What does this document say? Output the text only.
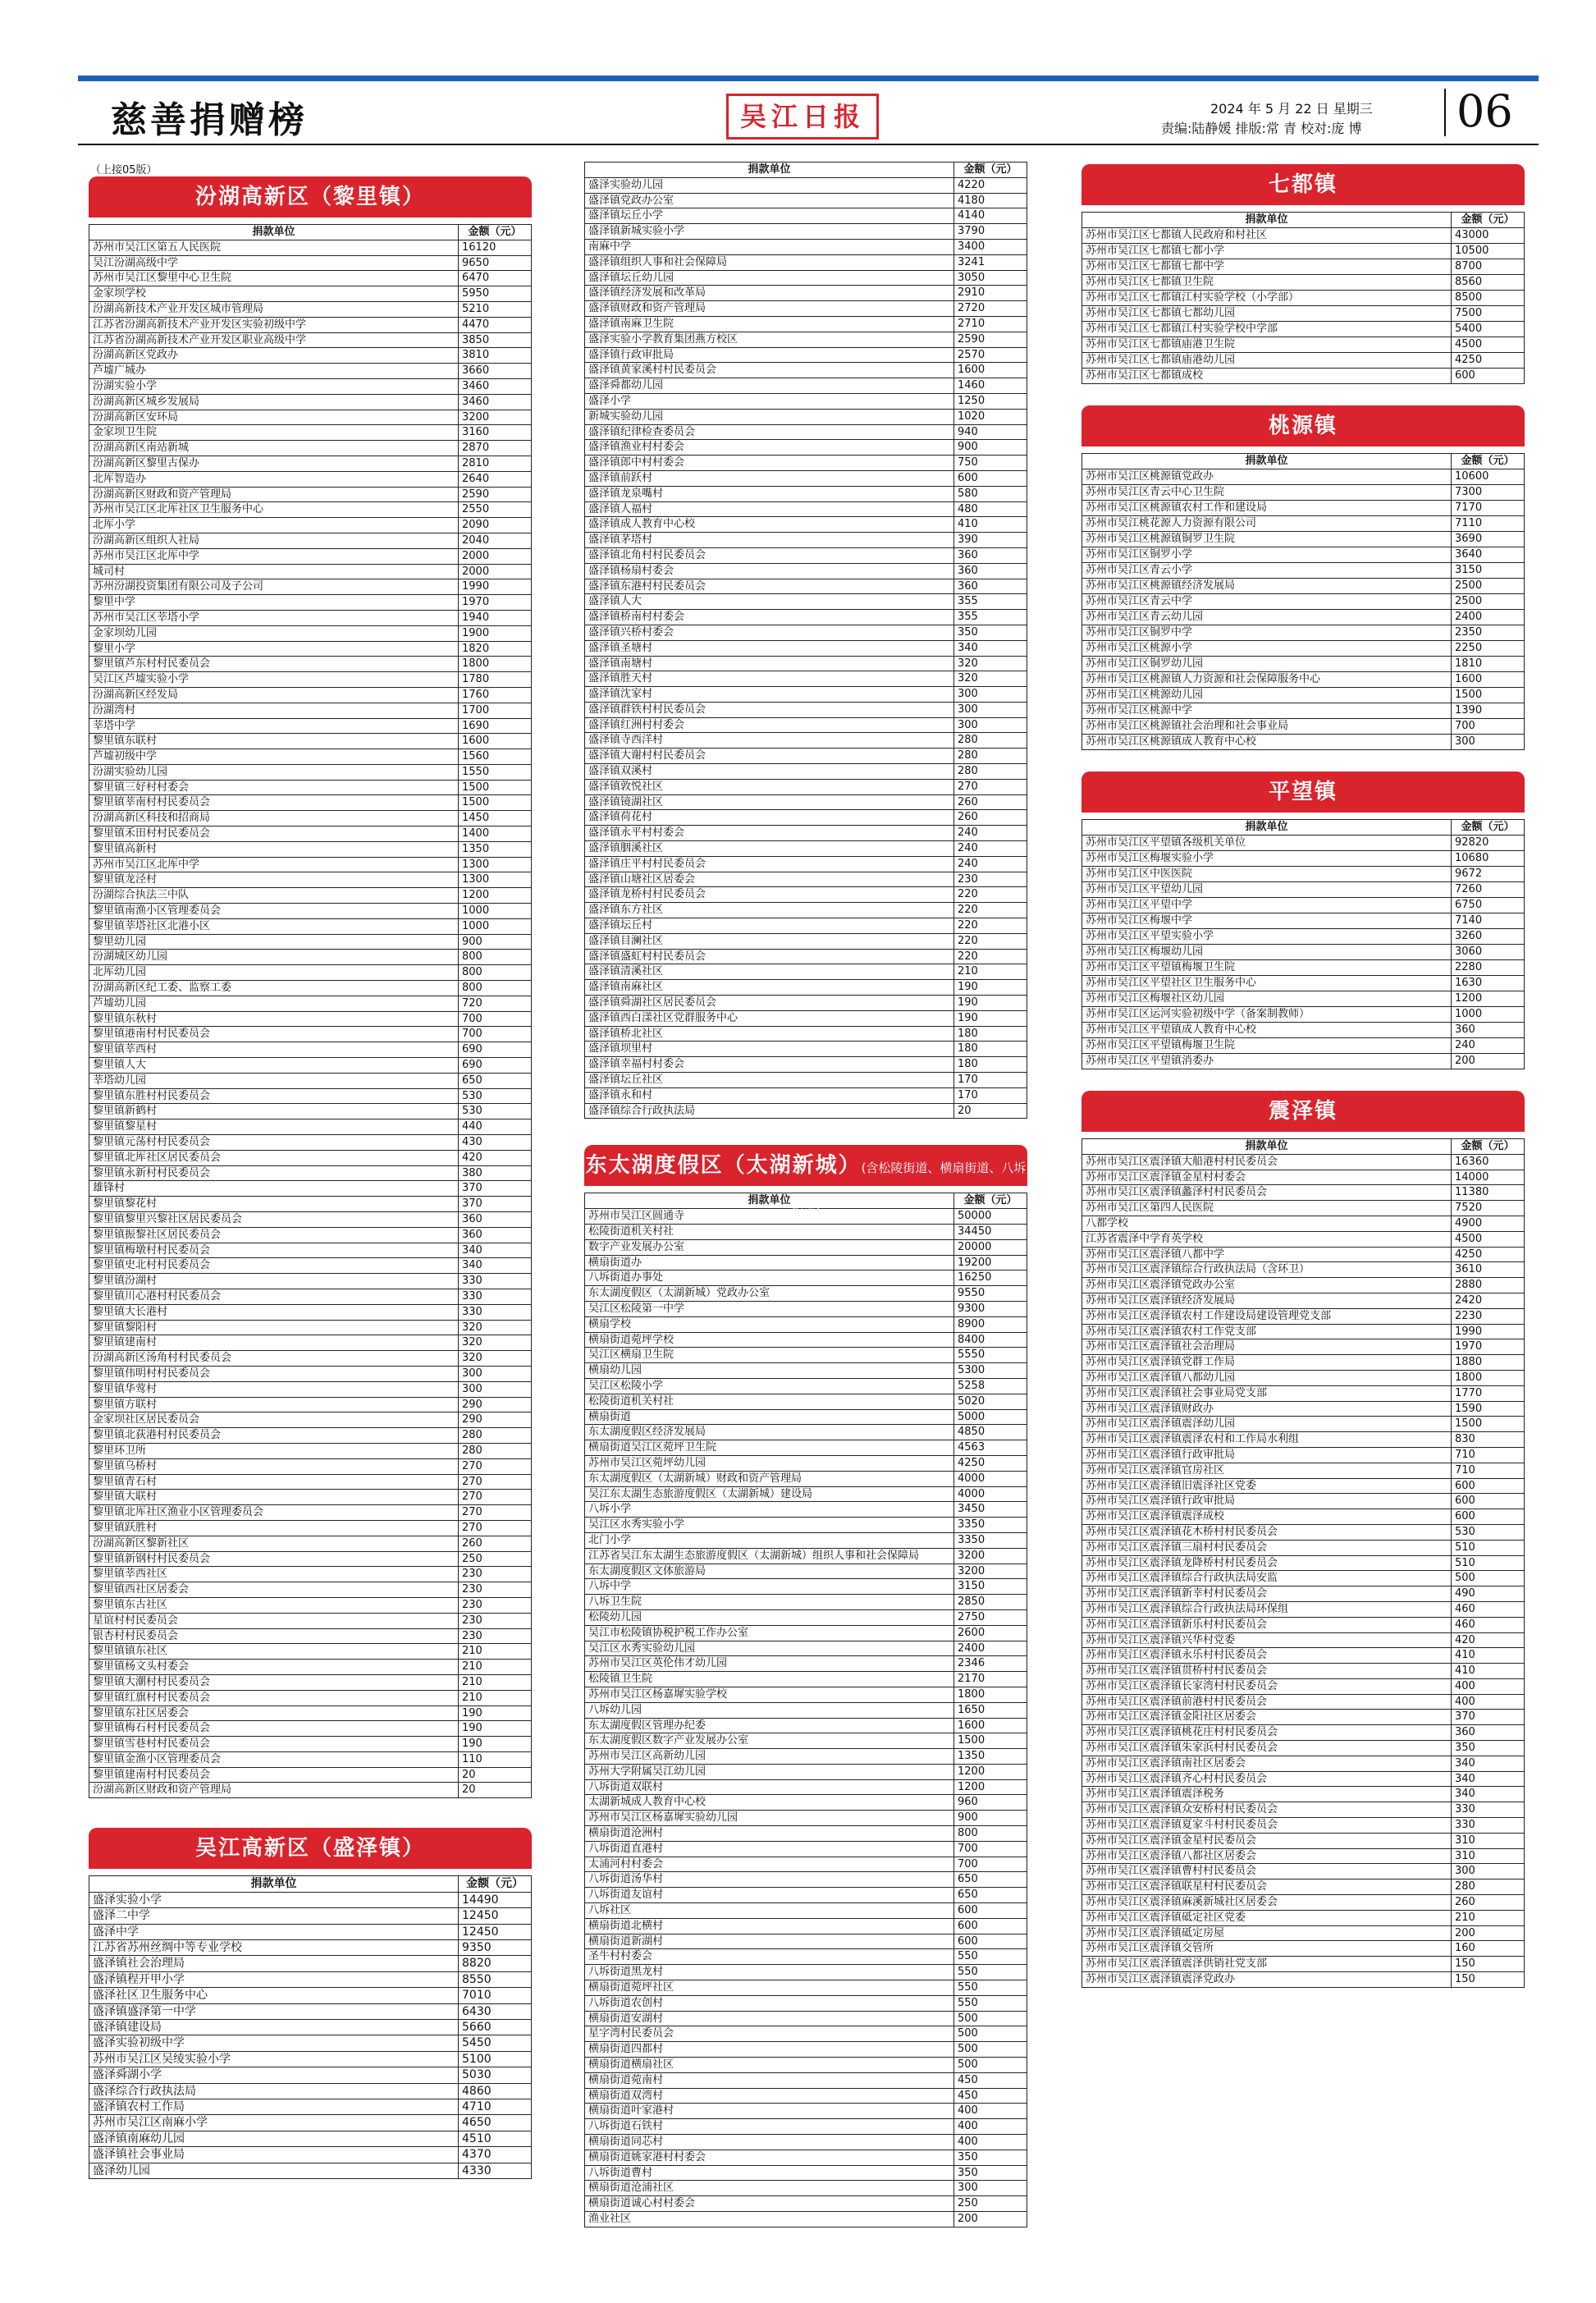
慈善捐赠榜	吴江日报	2024 年 5 月 22 日 星期三
责编:陆静媛 排版:常 青 校对:庞 博 06
（上接05版）
汾湖高新区（黎里镇）
捐款单位	金额（元）
苏州市吴江区第五人民医院	16120
吴江汾湖高级中学	9650
苏州市吴江区黎里中心卫生院	6470
金家坝学校	5950
汾湖高新技术产业开发区城市管理局	5210
江苏省汾湖高新技术产业开发区实验初级中学	4470
江苏省汾湖高新技术产业开发区职业高级中学	3850
汾湖高新区党政办	3810
芦墟广城办	3660
汾湖实验小学	3460
汾湖高新区城乡发展局	3460
汾湖高新区安环局	3200
金家坝卫生院	3160
汾湖高新区南站新城	2870
汾湖高新区黎里古保办	2810
北厍智造办	2640
汾湖高新区财政和资产管理局	2590
苏州市吴江区北厍社区卫生服务中心	2550
北厍小学	2090
汾湖高新区组织人社局	2040
苏州市吴江区北厍中学	2000
城司村	2000
苏州汾湖投资集团有限公司及子公司	1990
黎里中学	1970
苏州市吴江区莘塔小学	1940
金家坝幼儿园	1900
黎里小学	1820
黎里镇芦东村村民委员会	1800
吴江区芦墟实验小学	1780
汾湖高新区经发局	1760
汾湖湾村	1700
莘塔中学	1690
黎里镇东联村	1600
芦墟初级中学	1560
汾湖实验幼儿园	1550
黎里镇三好村村委会	1500
黎里镇莘南村村民委员会	1500
汾湖高新区科技和招商局	1450
黎里镇禾田村村民委员会	1400
黎里镇高新村	1350
苏州市吴江区北厍中学	1300
黎里镇龙泾村	1300
汾湖综合执法三中队	1200
黎里镇南渔小区管理委员会	1000
黎里镇莘塔社区北港小区	1000
黎里幼儿园	900
汾湖城区幼儿园	800
北厍幼儿园	800
汾湖高新区纪工委、监察工委	800
芦墟幼儿园	720
黎里镇东秋村	700
黎里镇港南村村民委员会	700
黎里镇莘西村	690
黎里镇人大	690
莘塔幼儿园	650
黎里镇东胜村村民委员会	530
黎里镇新鹤村	530
黎里镇黎星村	440
黎里镇元荡村村民委员会	430
黎里镇北厍社区居民委员会	420
黎里镇永新村村民委员会	380
雄锋村	370
黎里镇黎花村	370
黎里镇黎里兴黎社区居民委员会	360
黎里镇振黎社区居民委员会	360
黎里镇梅墩村村民委员会	340
黎里镇史北村村民委员会	340
黎里镇汾湖村	330
黎里镇川心港村村民委员会	330
黎里镇大长港村	330
黎里镇黎阳村	320
黎里镇建南村	320
汾湖高新区汤角村村民委员会	320
黎里镇伟明村村民委员会	300
黎里镇华莺村	300
黎里镇方联村	290
金家坝社区居民委员会	290
黎里镇北荻港村村民委员会	280
黎里环卫所	280
黎里镇乌桥村	270
黎里镇青石村	270
黎里镇大联村	270
黎里镇北厍社区渔业小区管理委员会	270
黎里镇跃胜村	270
汾湖高新区黎新社区	260
黎里镇新钢村村民委员会	250
黎里镇莘西社区	230
黎里镇西社区居委会	230
黎里镇东古社区	230
星谊村村民委员会	230
银杏村村民委员会	230
黎里镇镇东社区	210
黎里镇杨文头村委会	210
黎里镇大潮村村民委员会	210
黎里镇红旗村村民委员会	210
黎里镇东社区居委会	190
黎里镇梅石村村民委员会	190
黎里镇雪巷村村民委员会	190
黎里镇金渔小区管理委员会	110
黎里镇建南村村民委员会	20
汾湖高新区财政和资产管理局	20
吴江高新区（盛泽镇）
捐款单位	金额（元）
盛泽实验小学	14490
盛泽二中学	12450
盛泽中学	12450
江苏省苏州丝绸中等专业学校	9350
盛泽镇社会治理局	8820
盛泽镇程开甲小学	8550
盛泽社区卫生服务中心	7010
盛泽镇盛泽第一中学	6430
盛泽镇建设局	5660
盛泽实验初级中学	5450
苏州市吴江区吴绫实验小学	5100
盛泽舜湖小学	5030
盛泽综合行政执法局	4860
盛泽镇农村工作局	4710
苏州市吴江区南麻小学	4650
盛泽镇南麻幼儿园	4510
盛泽镇社会事业局	4370
盛泽幼儿园	4330
捐款单位	金额（元）
盛泽实验幼儿园	4220
盛泽镇党政办公室	4180
盛泽镇坛丘小学	4140
盛泽镇新城实验小学	3790
南麻中学	3400
盛泽镇组织人事和社会保障局	3241
盛泽镇坛丘幼儿园	3050
盛泽镇经济发展和改革局	2910
盛泽镇财政和资产管理局	2720
盛泽镇南麻卫生院	2710
盛泽实验小学教育集团燕方校区	2590
盛泽镇行政审批局	2570
盛泽镇黄家溪村村民委员会	1600
盛泽舜都幼儿园	1460
盛泽小学	1250
新城实验幼儿园	1020
盛泽镇纪律检查委员会	940
盛泽镇渔业村村委会	900
盛泽镇郎中村村委会	750
盛泽镇前跃村	600
盛泽镇龙泉嘴村	580
盛泽镇人福村	480
盛泽镇成人教育中心校	410
盛泽镇茅塔村	390
盛泽镇北角村村民委员会	360
盛泽镇杨扇村委会	360
盛泽镇东港村村民委员会	360
盛泽镇人大	355
盛泽镇桥南村村委会	355
盛泽镇兴桥村委会	350
盛泽镇圣塘村	340
盛泽镇南塘村	320
盛泽镇胜天村	320
盛泽镇沈家村	300
盛泽镇群铁村村民委员会	300
盛泽镇红洲村村委会	300
盛泽镇寺西洋村	280
盛泽镇大谢村村民委员会	280
盛泽镇双溪村	280
盛泽镇敦悦社区	270
盛泽镇镜湖社区	260
盛泽镇荷花村	260
盛泽镇永平村村委会	240
盛泽镇胭溪社区	240
盛泽镇庄平村村民委员会	240
盛泽镇山塘社区居委会	230
盛泽镇龙桥村村民委员会	220
盛泽镇东方社区	220
盛泽镇坛丘村	220
盛泽镇目澜社区	220
盛泽镇盛虹村村民委员会	220
盛泽镇清溪社区	210
盛泽镇南麻社区	190
盛泽镇舜湖社区居民委员会	190
盛泽镇西白漾社区党群服务中心	190
盛泽镇桥北社区	180
盛泽镇坝里村	180
盛泽镇幸福村村委会	180
盛泽镇坛丘社区	170
盛泽镇永和村	170
盛泽镇综合行政执法局	20
东太湖度假区（太湖新城）(含松陵街道、横扇街道、八坼街道)
捐款单位	金额（元）
苏州市吴江区圆通寺	50000
松陵街道机关村社	34450
数字产业发展办公室	20000
横扇街道办	19200
八坼街道办事处	16250
东太湖度假区（太湖新城）党政办公室	9550
吴江区松陵第一中学	9300
横扇学校	8900
横扇街道菀坪学校	8400
吴江区横扇卫生院	5550
横扇幼儿园	5300
吴江区松陵小学	5258
松陵街道机关村社	5020
横扇街道	5000
东太湖度假区经济发展局	4850
横扇街道吴江区菀坪卫生院	4563
苏州市吴江区菀坪幼儿园	4250
东太湖度假区（太湖新城）财政和资产管理局	4000
吴江东太湖生态旅游度假区（太湖新城）建设局	4000
八坼小学	3450
吴江区水秀实验小学	3350
北门小学	3350
江苏省吴江东太湖生态旅游度假区（太湖新城）组织人事和社会保障局	3200
东太湖度假区文体旅游局	3200
八坼中学	3150
八坼卫生院	2850
松陵幼儿园	2750
吴江市松陵镇协税护税工作办公室	2600
吴江区水秀实验幼儿园	2400
苏州市吴江区英伦伟才幼儿园	2346
松陵镇卫生院	2170
苏州市吴江区杨嘉墀实验学校	1800
八坼幼儿园	1650
东太湖度假区管理办纪委	1600
东太湖度假区数字产业发展办公室	1500
苏州市吴江区高新幼儿园	1350
苏州大学附属吴江幼儿园	1200
八坼街道双联村	1200
太湖新城成人教育中心校	960
苏州市吴江区杨嘉墀实验幼儿园	900
横扇街道沧洲村	800
八坼街道直港村	700
太浦河村村委会	700
八坼街道汤华村	650
八坼街道友谊村	650
八坼社区	600
横扇街道北横村	600
横扇街道新湖村	600
圣牛村村委会	550
八坼街道黑龙村	550
横扇街道菀坪社区	550
八坼街道农创村	550
横扇街道安湖村	500
星字湾村民委员会	500
横扇街道四都村	500
横扇街道横扇社区	500
横扇街道菀南村	450
横扇街道双湾村	450
横扇街道叶家港村	400
八坼街道石铁村	400
横扇街道同芯村	400
横扇街道姚家港村村委会	350
八坼街道曹村	350
横扇街道沧浦社区	300
横扇街道诚心村村委会	250
渔业社区	200
七都镇
捐款单位	金额（元）
苏州市吴江区七都镇人民政府和村社区	43000
苏州市吴江区七都镇七都小学	10500
苏州市吴江区七都镇七都中学	8700
苏州市吴江区七都镇卫生院	8560
苏州市吴江区七都镇江村实验学校（小学部）	8500
苏州市吴江区七都镇七都幼儿园	7500
苏州市吴江区七都镇江村实验学校中学部	5400
苏州市吴江区七都镇庙港卫生院	4500
苏州市吴江区七都镇庙港幼儿园	4250
苏州市吴江区七都镇成校	600
桃源镇
捐款单位	金额（元）
苏州市吴江区桃源镇党政办	10600
苏州市吴江区青云中心卫生院	7300
苏州市吴江区桃源镇农村工作和建设局	7170
苏州市吴江桃花源人力资源有限公司	7110
苏州市吴江区桃源镇铜罗卫生院	3690
苏州市吴江区铜罗小学	3640
苏州市吴江区青云小学	3150
苏州市吴江区桃源镇经济发展局	2500
苏州市吴江区青云中学	2500
苏州市吴江区青云幼儿园	2400
苏州市吴江区铜罗中学	2350
苏州市吴江区桃源小学	2250
苏州市吴江区铜罗幼儿园	1810
苏州市吴江区桃源镇人力资源和社会保障服务中心	1600
苏州市吴江区桃源幼儿园	1500
苏州市吴江区桃源中学	1390
苏州市吴江区桃源镇社会治理和社会事业局	700
苏州市吴江区桃源镇成人教育中心校	300
平望镇
捐款单位	金额（元）
苏州市吴江区平望镇各级机关单位	92820
苏州市吴江区梅堰实验小学	10680
苏州市吴江区中医医院	9672
苏州市吴江区平望幼儿园	7260
苏州市吴江区平望中学	6750
苏州市吴江区梅堰中学	7140
苏州市吴江区平望实验小学	3260
苏州市吴江区梅堰幼儿园	3060
苏州市吴江区平望镇梅堰卫生院	2280
苏州市吴江区平望社区卫生服务中心	1630
苏州市吴江区梅堰社区幼儿园	1200
苏州市吴江区运河实验初级中学（备案制教师）	1000
苏州市吴江区平望镇成人教育中心校	360
苏州市吴江区平望镇梅堰卫生院	240
苏州市吴江区平望镇消委办	200
震泽镇
捐款单位	金额（元）
苏州市吴江区震泽镇大船港村村民委员会	16360
苏州市吴江区震泽镇金星村村委会	14000
苏州市吴江区震泽镇蠡泽村村民委员会	11380
苏州市吴江区第四人民医院	7520
八都学校	4900
江苏省震泽中学育英学校	4500
苏州市吴江区震泽镇八都中学	4250
苏州市吴江区震泽镇综合行政执法局（含环卫）	3610
苏州市吴江区震泽镇党政办公室	2880
苏州市吴江区震泽镇经济发展局	2420
苏州市吴江区震泽镇农村工作建设局建设管理党支部	2230
苏州市吴江区震泽镇农村工作党支部	1990
苏州市吴江区震泽镇社会治理局	1970
苏州市吴江区震泽镇党群工作局	1880
苏州市吴江区震泽镇八都幼儿园	1800
苏州市吴江区震泽镇社会事业局党支部	1770
苏州市吴江区震泽镇财政办	1590
苏州市吴江区震泽镇震泽幼儿园	1500
苏州市吴江区震泽镇震泽农村和工作局水利组	830
苏州市吴江区震泽镇行政审批局	710
苏州市吴江区震泽镇官房社区	710
苏州市吴江区震泽镇旧震泽社区党委	600
苏州市吴江区震泽镇行政审批局	600
苏州市吴江区震泽镇震泽成校	600
苏州市吴江区震泽镇花木桥村村民委员会	530
苏州市吴江区震泽镇三扇村村民委员会	510
苏州市吴江区震泽镇龙降桥村村民委员会	510
苏州市吴江区震泽镇综合行政执法局安监	500
苏州市吴江区震泽镇新幸村村民委员会	490
苏州市吴江区震泽镇综合行政执法局环保组	460
苏州市吴江区震泽镇新乐村村民委员会	460
苏州市吴江区震泽镇兴华村党委	420
苏州市吴江区震泽镇永乐村村民委员会	410
苏州市吴江区震泽镇贯桥村村民委员会	410
苏州市吴江区震泽镇长家湾村村民委员会	400
苏州市吴江区震泽镇前港村村民委员会	400
苏州市吴江区震泽镇金阳社区居委会	370
苏州市吴江区震泽镇桃花庄村村民委员会	360
苏州市吴江区震泽镇朱家浜村村民委员会	350
苏州市吴江区震泽镇南社区居委会	340
苏州市吴江区震泽镇齐心村村民委员会	340
苏州市吴江区震泽镇震泽税务	340
苏州市吴江区震泽镇众安桥村村民委员会	330
苏州市吴江区震泽镇夏家斗村村民委员会	330
苏州市吴江区震泽镇金星村民委员会	310
苏州市吴江区震泽镇八都社区居委会	310
苏州市吴江区震泽镇曹村村民委员会	300
苏州市吴江区震泽镇联星村村民委员会	280
苏州市吴江区震泽镇麻溪新城社区居委会	260
苏州市吴江区震泽镇砥定社区党委	210
苏州市吴江区震泽镇砥定房屋	200
苏州市吴江区震泽镇交管所	160
苏州市吴江区震泽镇震泽供销社党支部	150
苏州市吴江区震泽镇震泽党政办	150
